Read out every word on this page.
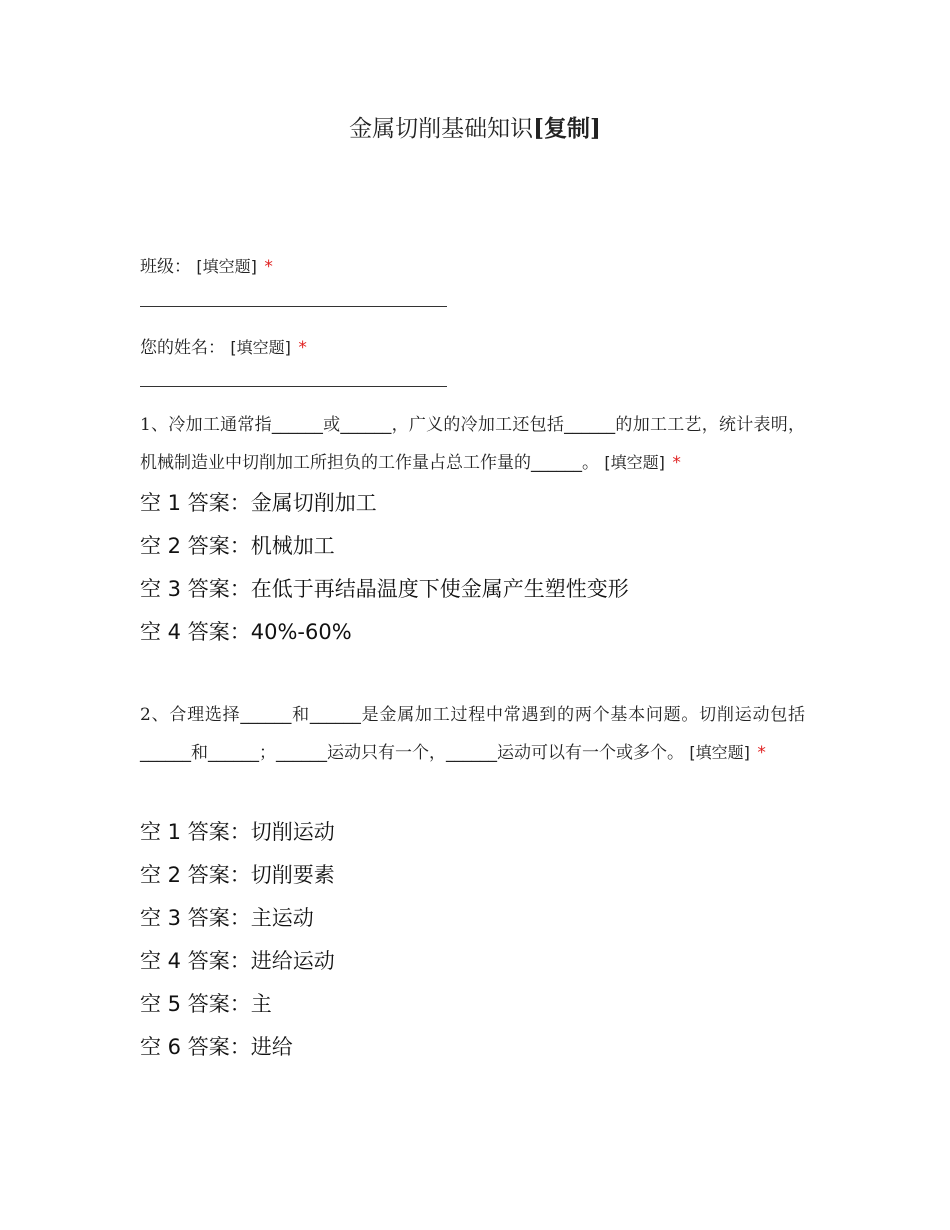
金属切削基础知识[复制]
班级： [填空题] *
您的姓名： [填空题] *
1、冷加工通常指______或______，广义的冷加工还包括______的加工工艺，统计表明，机械制造业中切削加工所担负的工作量占总工作量的______。 [填空题] *
空 1 答案：金属切削加工
空 2 答案：机械加工
空 3 答案：在低于再结晶温度下使金属产生塑性变形
空 4 答案：40%-60%
2、合理选择______和______是金属加工过程中常遇到的两个基本问题。切削运动包括______和______；______运动只有一个，______运动可以有一个或多个。 [填空题] *
空 1 答案：切削运动
空 2 答案：切削要素
空 3 答案：主运动
空 4 答案：进给运动
空 5 答案：主
空 6 答案：进给
